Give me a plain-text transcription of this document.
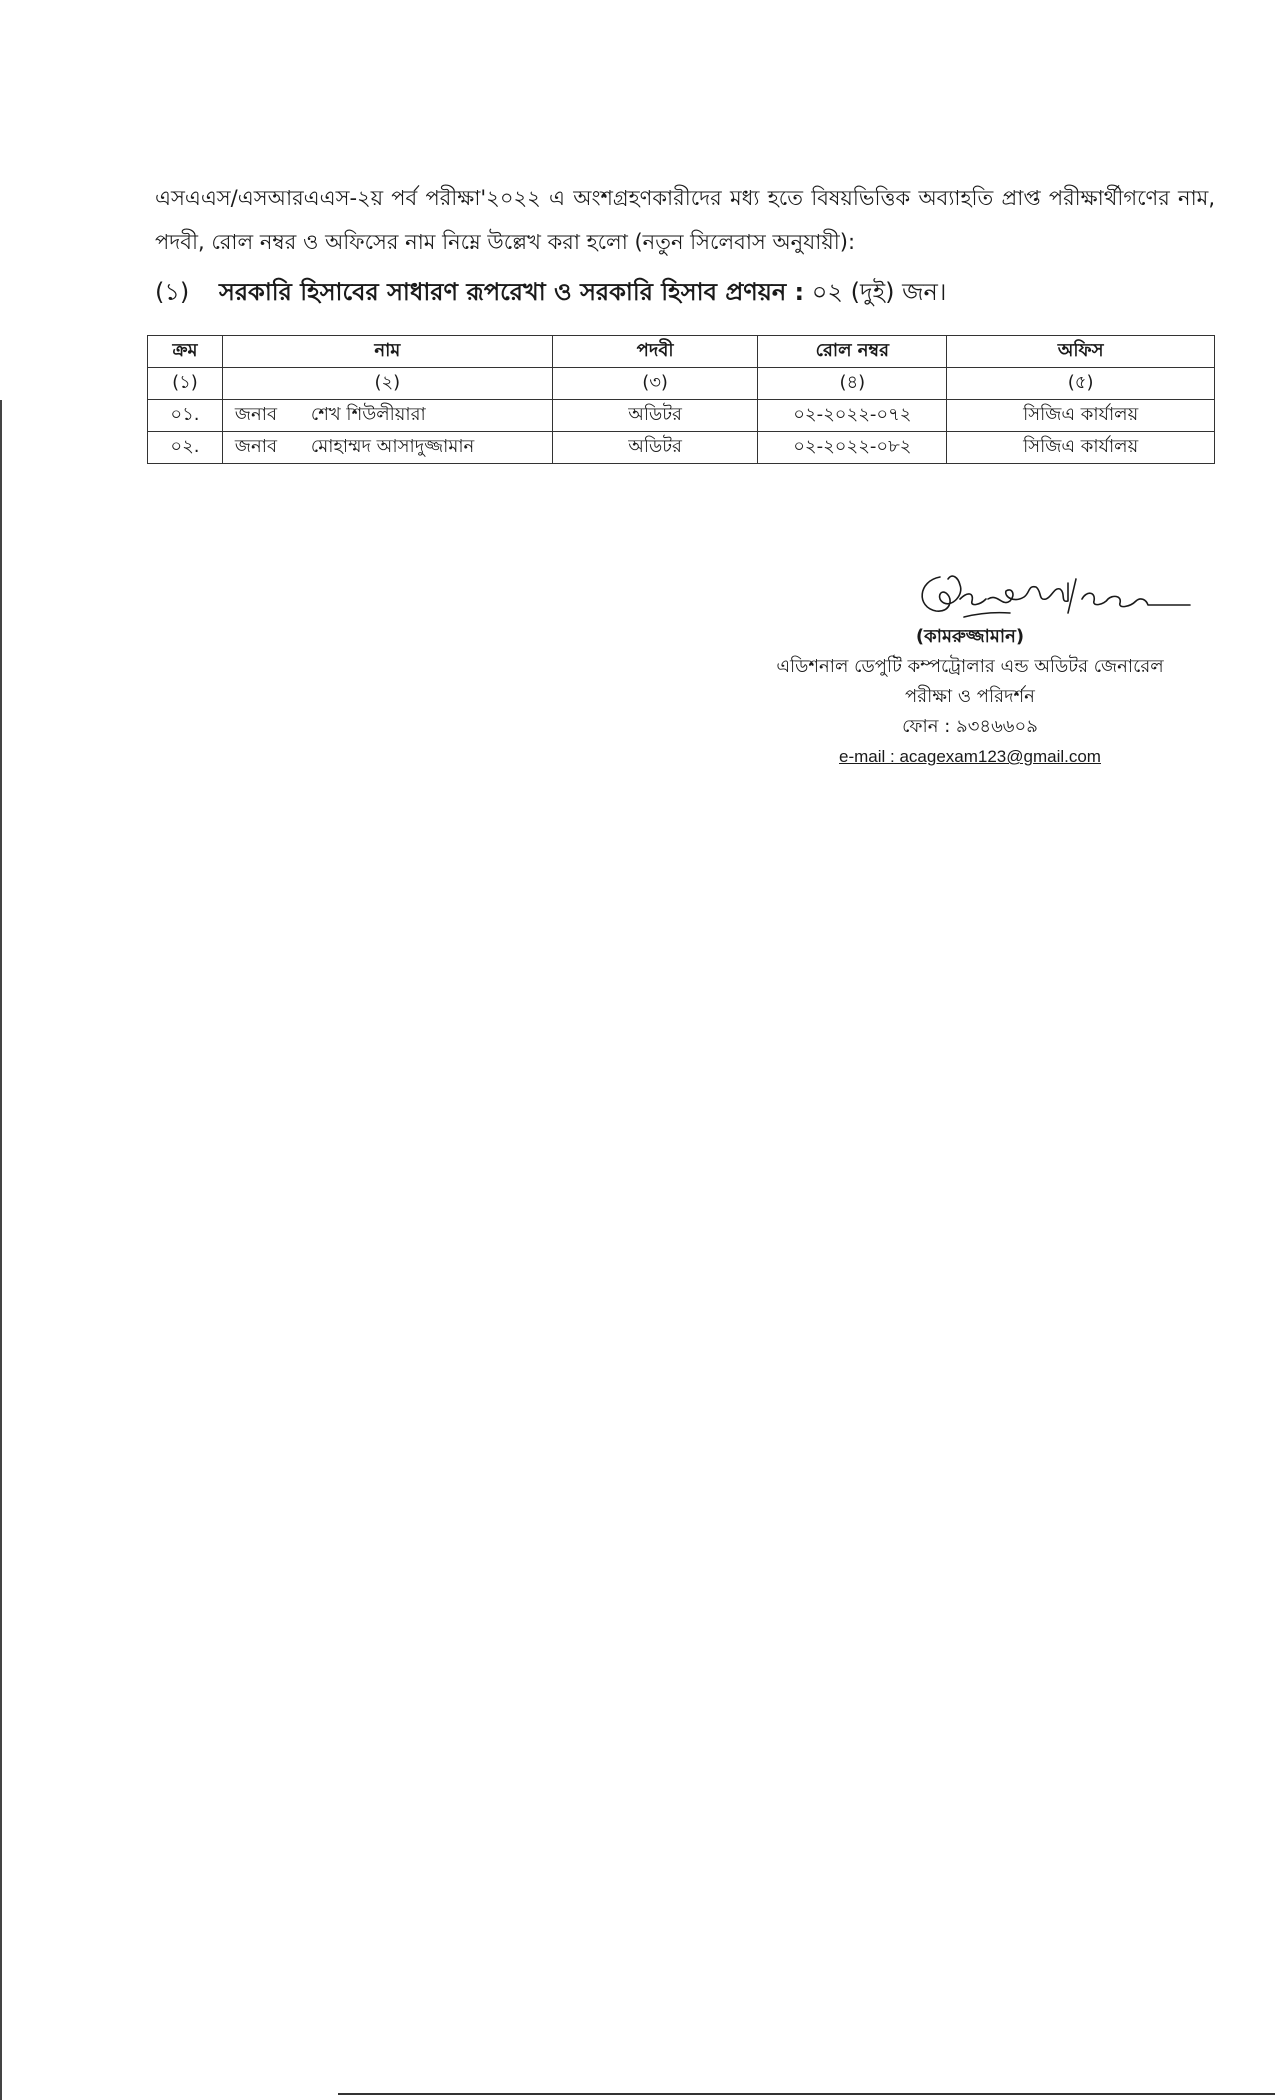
এসএএস/এসআরএএস-২য় পর্ব পরীক্ষা'২০২২ এ অংশগ্রহণকারীদের মধ্য হতে বিষয়ভিত্তিক অব্যাহতি প্রাপ্ত পরীক্ষার্থীগণের নাম, পদবী, রোল নম্বর ও অফিসের নাম নিম্নে উল্লেখ করা হলো (নতুন সিলেবাস অনুযায়ী):

(১) সরকারি হিসাবের সাধারণ রূপরেখা ও সরকারি হিসাব প্রণয়ন : ০২ (দুই) জন।
ক্রম	নাম	পদবী	রোল নম্বর	অফিস
(১)	(২)	(৩)	(৪)	(৫)
০১.	জনাব শেখ শিউলীয়ারা	অডিটর	০২-২০২২-০৭২	সিজিএ কার্যালয়
০২.	জনাব মোহাম্মদ আসাদুজ্জামান	অডিটর	০২-২০২২-০৮২	সিজিএ কার্যালয়
(কামরুজ্জামান)
এডিশনাল ডেপুটি কম্পট্রোলার এন্ড অডিটর জেনারেল
পরীক্ষা ও পরিদর্শন
ফোন : ৯৩৪৬৬০৯
e-mail : acagexam123@gmail.com
